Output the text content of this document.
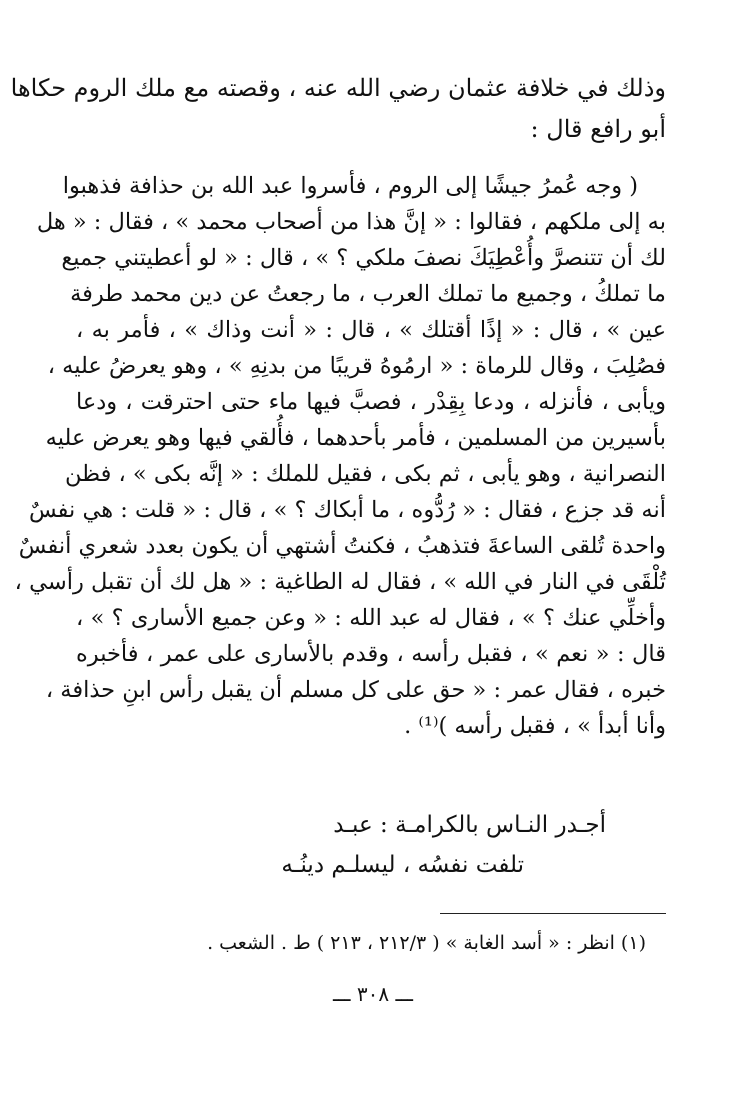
وذلك في خلافة عثمان رضي الله عنه ، وقصته مع ملك الروم حكاها
أبو رافع قال :
( وجه عُمرُ جيشًا إلى الروم ، فأسروا عبد الله بن حذافة فذهبوا
به إلى ملكهم ، فقالوا : « إنَّ هذا من أصحاب محمد » ، فقال : « هل
لك أن تتنصرَّ وأُعْطِيَكَ نصفَ ملكي ؟ » ، قال : « لو أعطيتني جميع
ما تملكُ ، وجميع ما تملك العرب ، ما رجعتُ عن دين محمد طرفة
عين » ، قال : « إذًا أقتلك » ، قال : « أنت وذاك » ، فأمر به ،
فصُلِبَ ، وقال للرماة : « ارمُوهُ قريبًا من بدنِهِ » ، وهو يعرضُ عليه ،
ويأبى ، فأنزله ، ودعا بِقِدْر ، فصبَّ فيها ماء حتى احترقت ، ودعا
بأسيرين من المسلمين ، فأمر بأحدهما ، فأُلقي فيها وهو يعرض عليه
النصرانية ، وهو يأبى ، ثم بكى ، فقيل للملك : « إنَّه بكى » ، فظن
أنه قد جزع ، فقال : « رُدُّوه ، ما أبكاك ؟ » ، قال : « قلت : هي نفسٌ
واحدة تُلقى الساعةَ فتذهبُ ، فكنتُ أشتهي أن يكون بعدد شعري أنفسٌ
تُلْقَى في النار في الله » ، فقال له الطاغية : « هل لك أن تقبل رأسي ،
وأخلِّي عنك ؟ » ، فقال له عبد الله : « وعن جميع الأسارى ؟ » ،
قال : « نعم » ، فقبل رأسه ، وقدم بالأسارى على عمر ، فأخبره
خبره ، فقال عمر : « حق على كل مسلم أن يقبل رأس ابنِ حذافة ،
وأنا أبدأ » ، فقبل رأسه )⁽¹⁾ .
أجـدر النـاس بالكرامـة : عبـد
تلفت نفسُه ، ليسلـم دينُـه
(١) انظر : « أسد الغابة » ( ٢١٢/٣ ، ٢١٣ ) ط . الشعب .
ـــ ٣٠٨ ـــ
